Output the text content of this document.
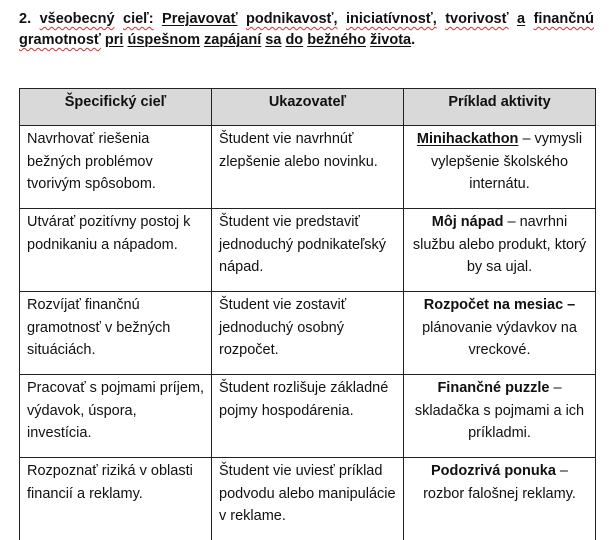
2. všeobecný cieľ: Prejavovať podnikavosť, iniciatívnosť, tvorivosť a finančnú gramotnosť pri úspešnom zapájaní sa do bežného života.
Špecifický cieľ	Ukazovateľ	Príklad aktivity
Navrhovať riešenia bežných problémov tvorivým spôsobom.	Študent vie navrhnúť zlepšenie alebo novinku.	Minihackathon – vymysli vylepšenie školského internátu.
Utvárať pozitívny postoj k podnikaniu a nápadom.	Študent vie predstaviť jednoduchý podnikateľský nápad.	Môj nápad – navrhni službu alebo produkt, ktorý by sa ujal.
Rozvíjať finančnú gramotnosť v bežných situáciách.	Študent vie zostaviť jednoduchý osobný rozpočet.	Rozpočet na mesiac – plánovanie výdavkov na vreckové.
Pracovať s pojmami príjem, výdavok, úspora, investícia.	Študent rozlišuje základné pojmy hospodárenia.	Finančné puzzle – skladačka s pojmami a ich príkladmi.
Rozpoznať riziká v oblasti financií a reklamy.	Študent vie uviesť príklad podvodu alebo manipulácie v reklame.	Podozrivá ponuka – rozbor falošnej reklamy.
